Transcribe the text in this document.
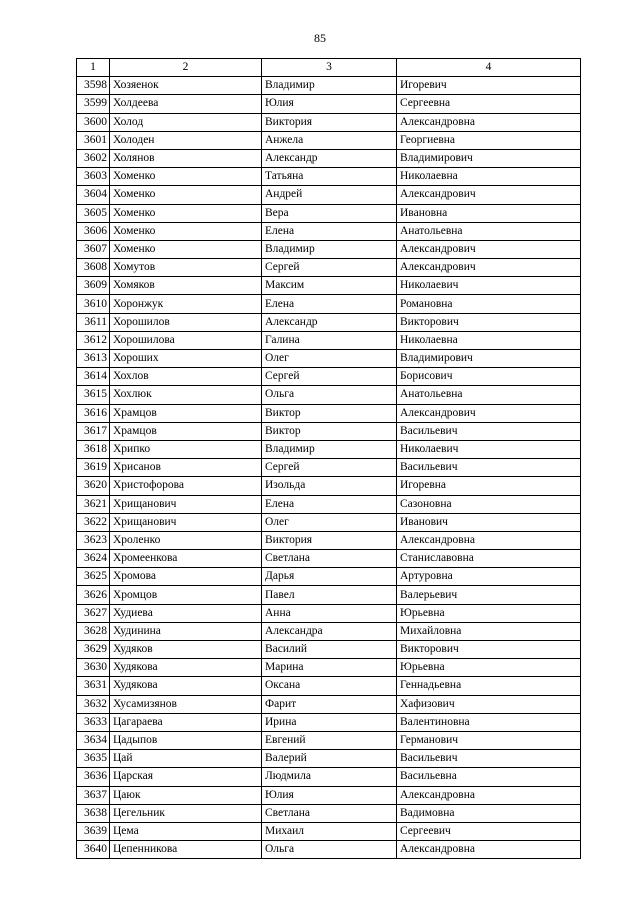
85
1	2	3	4
3598	Хозяенок	Владимир	Игоревич
3599	Холдеева	Юлия	Сергеевна
3600	Холод	Виктория	Александровна
3601	Холоден	Анжела	Георгиевна
3602	Холянов	Александр	Владимирович
3603	Хоменко	Татьяна	Николаевна
3604	Хоменко	Андрей	Александрович
3605	Хоменко	Вера	Ивановна
3606	Хоменко	Елена	Анатольевна
3607	Хоменко	Владимир	Александрович
3608	Хомутов	Сергей	Александрович
3609	Хомяков	Максим	Николаевич
3610	Хоронжук	Елена	Романовна
3611	Хорошилов	Александр	Викторович
3612	Хорошилова	Галина	Николаевна
3613	Хороших	Олег	Владимирович
3614	Хохлов	Сергей	Борисович
3615	Хохлюк	Ольга	Анатольевна
3616	Храмцов	Виктор	Александрович
3617	Храмцов	Виктор	Васильевич
3618	Хрипко	Владимир	Николаевич
3619	Хрисанов	Сергей	Васильевич
3620	Христофорова	Изольда	Игоревна
3621	Хрищанович	Елена	Сазоновна
3622	Хрищанович	Олег	Иванович
3623	Хроленко	Виктория	Александровна
3624	Хромеенкова	Светлана	Станиславовна
3625	Хромова	Дарья	Артуровна
3626	Хромцов	Павел	Валерьевич
3627	Худиева	Анна	Юрьевна
3628	Худинина	Александра	Михайловна
3629	Худяков	Василий	Викторович
3630	Худякова	Марина	Юрьевна
3631	Худякова	Оксана	Геннадьевна
3632	Хусамизянов	Фарит	Хафизович
3633	Цагараева	Ирина	Валентиновна
3634	Цадыпов	Евгений	Германович
3635	Цай	Валерий	Васильевич
3636	Царская	Людмила	Васильевна
3637	Цаюк	Юлия	Александровна
3638	Цегельник	Светлана	Вадимовна
3639	Цема	Михаил	Сергеевич
3640	Цепенникова	Ольга	Александровна
